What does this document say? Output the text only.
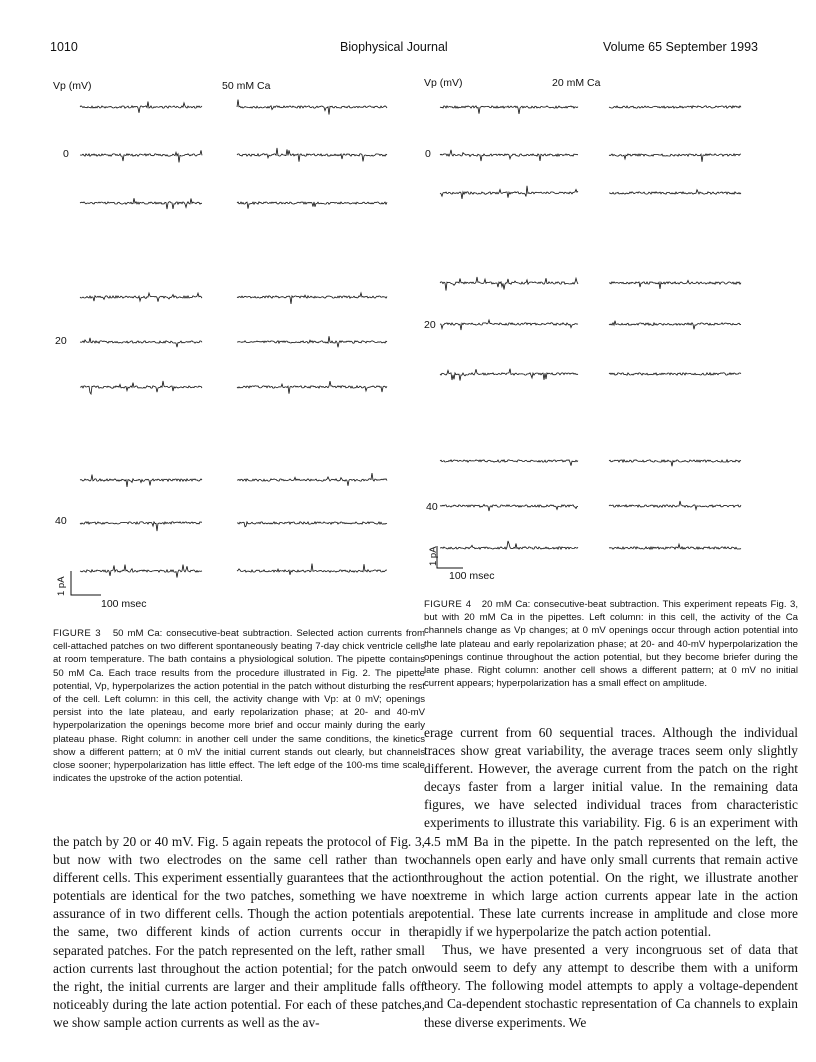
1010	Biophysical Journal	Volume 65 September 1993
Vp (mV)	50 mM Ca
0
20
40
1 pA
100 msec
Vp (mV)	20 mM Ca
0
20
40
1 pA
100 msec
FIGURE 3 50 mM Ca: consecutive-beat subtraction. Selected action currents from cell-attached patches on two different spontaneously beating 7-day chick ventricle cells at room temperature. The bath contains a physiological solution. The pipette contains 50 mM Ca. Each trace results from the procedure illustrated in Fig. 2. The pipette potential, Vp, hyperpolarizes the action potential in the patch without disturbing the rest of the cell. Left column: in this cell, the activity change with Vp: at 0 mV; openings persist into the late plateau, and early repolarization phase; at 20- and 40-mV hyperpolarization the openings become more brief and occur mainly during the early plateau phase. Right column: in another cell under the same conditions, the kinetics show a different pattern; at 0 mV the initial current stands out clearly, but channels close sooner; hyperpolarization has little effect. The left edge of the 100-ms time scale indicates the upstroke of the action potential.
FIGURE 4 20 mM Ca: consecutive-beat subtraction. This experiment repeats Fig. 3, but with 20 mM Ca in the pipettes. Left column: in this cell, the activity of the Ca channels change as Vp changes; at 0 mV openings occur through action potential into the late plateau and early repolarization phase; at 20- and 40-mV hyperpolarization the openings continue throughout the action potential, but they become briefer during the late phase. Right column: another cell shows a different pattern; at 0 mV no initial current appears; hyperpolarization has a small effect on amplitude.

the patch by 20 or 40 mV. Fig. 5 again repeats the protocol of Fig. 3, but now with two electrodes on the same cell rather than two different cells. This experiment essentially guarantees that the action potentials are identical for the two patches, something we have no assurance of in two different cells. Though the action potentials are the same, two different kinds of action currents occur in the separated patches. For the patch represented on the left, rather small action currents last throughout the action potential; for the patch on the right, the initial currents are larger and their amplitude falls off noticeably during the late action potential. For each of these patches, we show sample action currents as well as the av-

erage current from 60 sequential traces. Although the individual traces show great variability, the average traces seem only slightly different. However, the average current from the patch on the right decays faster from a larger initial value. In the remaining data figures, we have selected individual traces from characteristic experiments to illustrate this variability. Fig. 6 is an experiment with 4.5 mM Ba in the pipette. In the patch represented on the left, the channels open early and have only small currents that remain active throughout the action potential. On the right, we illustrate another extreme in which large action currents appear late in the action potential. These late currents increase in amplitude and close more rapidly if we hyperpolarize the patch action potential.

Thus, we have presented a very incongruous set of data that would seem to defy any attempt to describe them with a uniform theory. The following model attempts to apply a voltage-dependent and Ca-dependent stochastic representation of Ca channels to explain these diverse experiments. We
